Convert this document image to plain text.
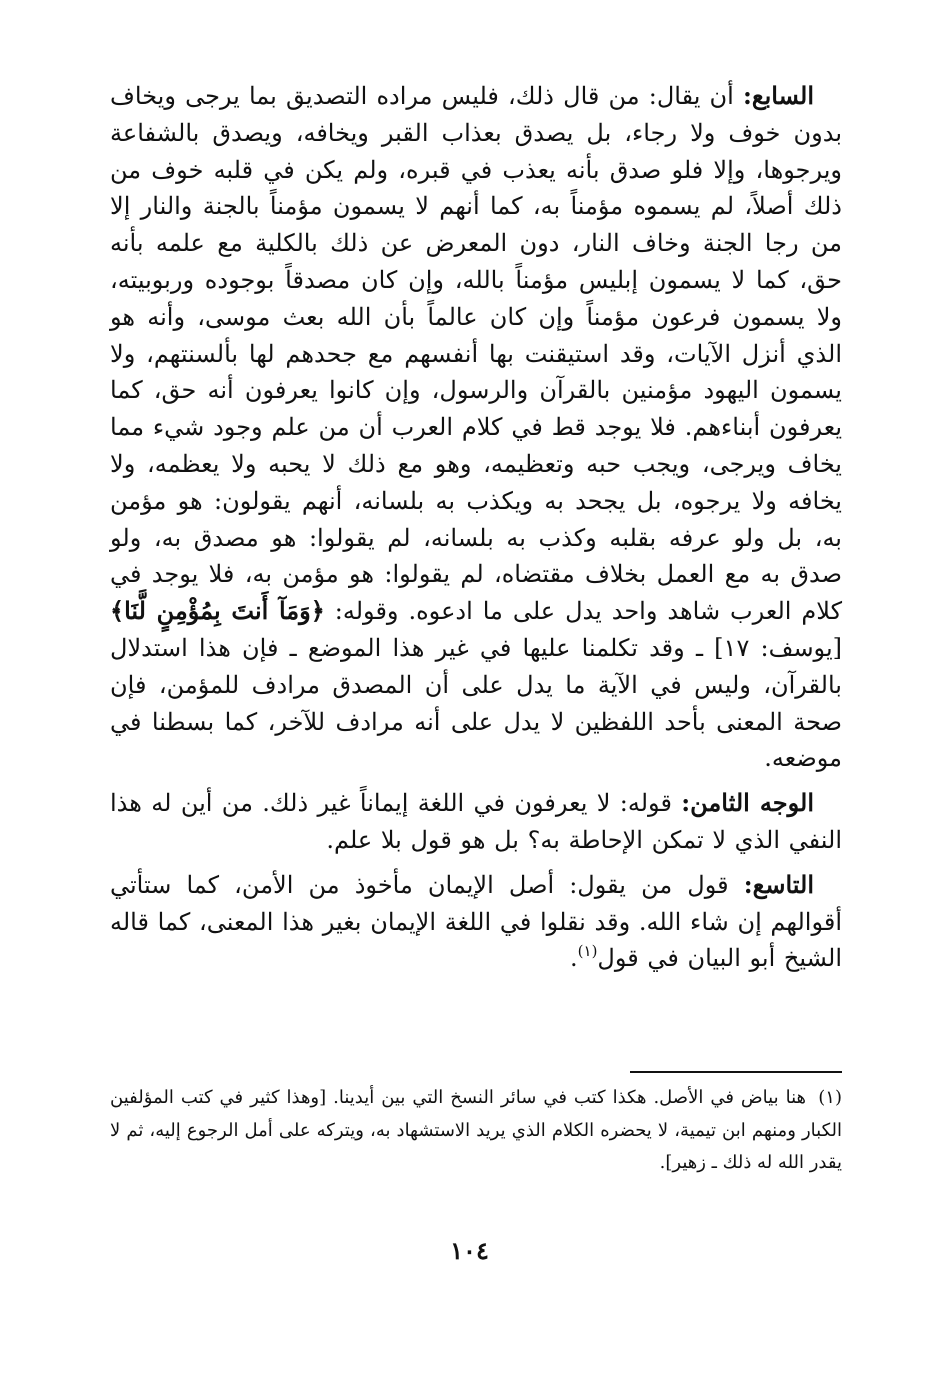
السابع: أن يقال: من قال ذلك، فليس مراده التصديق بما يرجى ويخاف بدون خوف ولا رجاء، بل يصدق بعذاب القبر ويخافه، ويصدق بالشفاعة ويرجوها، وإلا فلو صدق بأنه يعذب في قبره، ولم يكن في قلبه خوف من ذلك أصلاً، لم يسموه مؤمناً به، كما أنهم لا يسمون مؤمناً بالجنة والنار إلا من رجا الجنة وخاف النار، دون المعرض عن ذلك بالكلية مع علمه بأنه حق، كما لا يسمون إبليس مؤمناً بالله، وإن كان مصدقاً بوجوده وربوبيته، ولا يسمون فرعون مؤمناً وإن كان عالماً بأن الله بعث موسى، وأنه هو الذي أنزل الآيات، وقد استيقنت بها أنفسهم مع جحدهم لها بألسنتهم، ولا يسمون اليهود مؤمنين بالقرآن والرسول، وإن كانوا يعرفون أنه حق، كما يعرفون أبناءهم. فلا يوجد قط في كلام العرب أن من علم وجود شيء مما يخاف ويرجى، ويجب حبه وتعظيمه، وهو مع ذلك لا يحبه ولا يعظمه، ولا يخافه ولا يرجوه، بل يجحد به ويكذب به بلسانه، أنهم يقولون: هو مؤمن به، بل ولو عرفه بقلبه وكذب به بلسانه، لم يقولوا: هو مصدق به، ولو صدق به مع العمل بخلاف مقتضاه، لم يقولوا: هو مؤمن به، فلا يوجد في كلام العرب شاهد واحد يدل على ما ادعوه. وقوله: ﴿وَمَآ أَنتَ بِمُؤْمِنٍ لَّنَا﴾ [يوسف: ١٧] ـ وقد تكلمنا عليها في غير هذا الموضع ـ فإن هذا استدلال بالقرآن، وليس في الآية ما يدل على أن المصدق مرادف للمؤمن، فإن صحة المعنى بأحد اللفظين لا يدل على أنه مرادف للآخر، كما بسطنا في موضعه.

الوجه الثامن: قوله: لا يعرفون في اللغة إيماناً غير ذلك. من أين له هذا النفي الذي لا تمكن الإحاطة به؟ بل هو قول بلا علم.

التاسع: قول من يقول: أصل الإيمان مأخوذ من الأمن، كما ستأتي أقوالهم إن شاء الله. وقد نقلوا في اللغة الإيمان بغير هذا المعنى، كما قاله الشيخ أبو البيان في قول$^{(١)}$.

(١)هنا بياض في الأصل. هكذا كتب في سائر النسخ التي بين أيدينا. [وهذا كثير في كتب المؤلفين الكبار ومنهم ابن تيمية، لا يحضره الكلام الذي يريد الاستشهاد به، ويتركه على أمل الرجوع إليه، ثم لا يقدر الله له ذلك ـ زهير].
١٠٤
